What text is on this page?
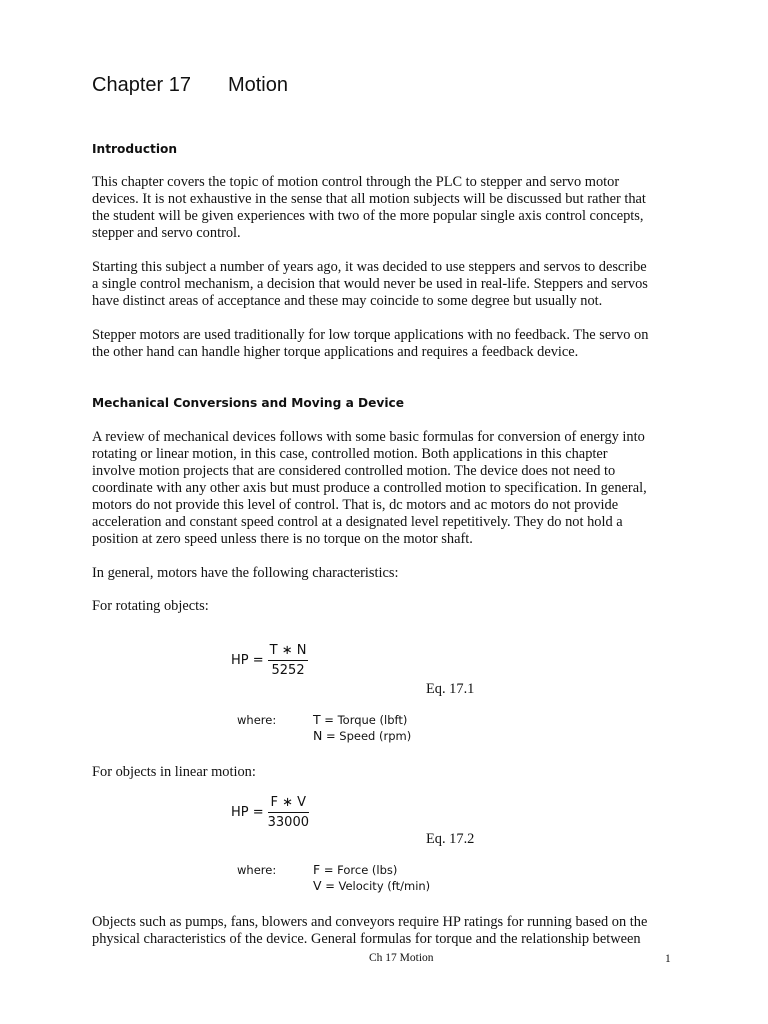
Chapter 17 Motion
Introduction
This chapter covers the topic of motion control through the PLC to stepper and servo motor
devices. It is not exhaustive in the sense that all motion subjects will be discussed but rather that
the student will be given experiences with two of the more popular single axis control concepts,
stepper and servo control.
Starting this subject a number of years ago, it was decided to use steppers and servos to describe
a single control mechanism, a decision that would never be used in real-life. Steppers and servos
have distinct areas of acceptance and these may coincide to some degree but usually not.
Stepper motors are used traditionally for low torque applications with no feedback. The servo on
the other hand can handle higher torque applications and requires a feedback device.
Mechanical Conversions and Moving a Device
A review of mechanical devices follows with some basic formulas for conversion of energy into
rotating or linear motion, in this case, controlled motion. Both applications in this chapter
involve motion projects that are considered controlled motion. The device does not need to
coordinate with any other axis but must produce a controlled motion to specification. In general,
motors do not provide this level of control. That is, dc motors and ac motors do not provide
acceleration and constant speed control at a designated level repetitively. They do not hold a
position at zero speed unless there is no torque on the motor shaft.
In general, motors have the following characteristics:
For rotating objects:
HP = $\frac{T ∗ N}{5252}$
Eq. 17.1
where:	T = Torque (lbft)
N = Speed (rpm)
For objects in linear motion:
HP = $\frac{F ∗ V}{33000}$
Eq. 17.2
where:	F = Force (lbs)
V = Velocity (ft/min)
Objects such as pumps, fans, blowers and conveyors require HP ratings for running based on the
physical characteristics of the device. General formulas for torque and the relationship between
Ch 17 Motion	1
